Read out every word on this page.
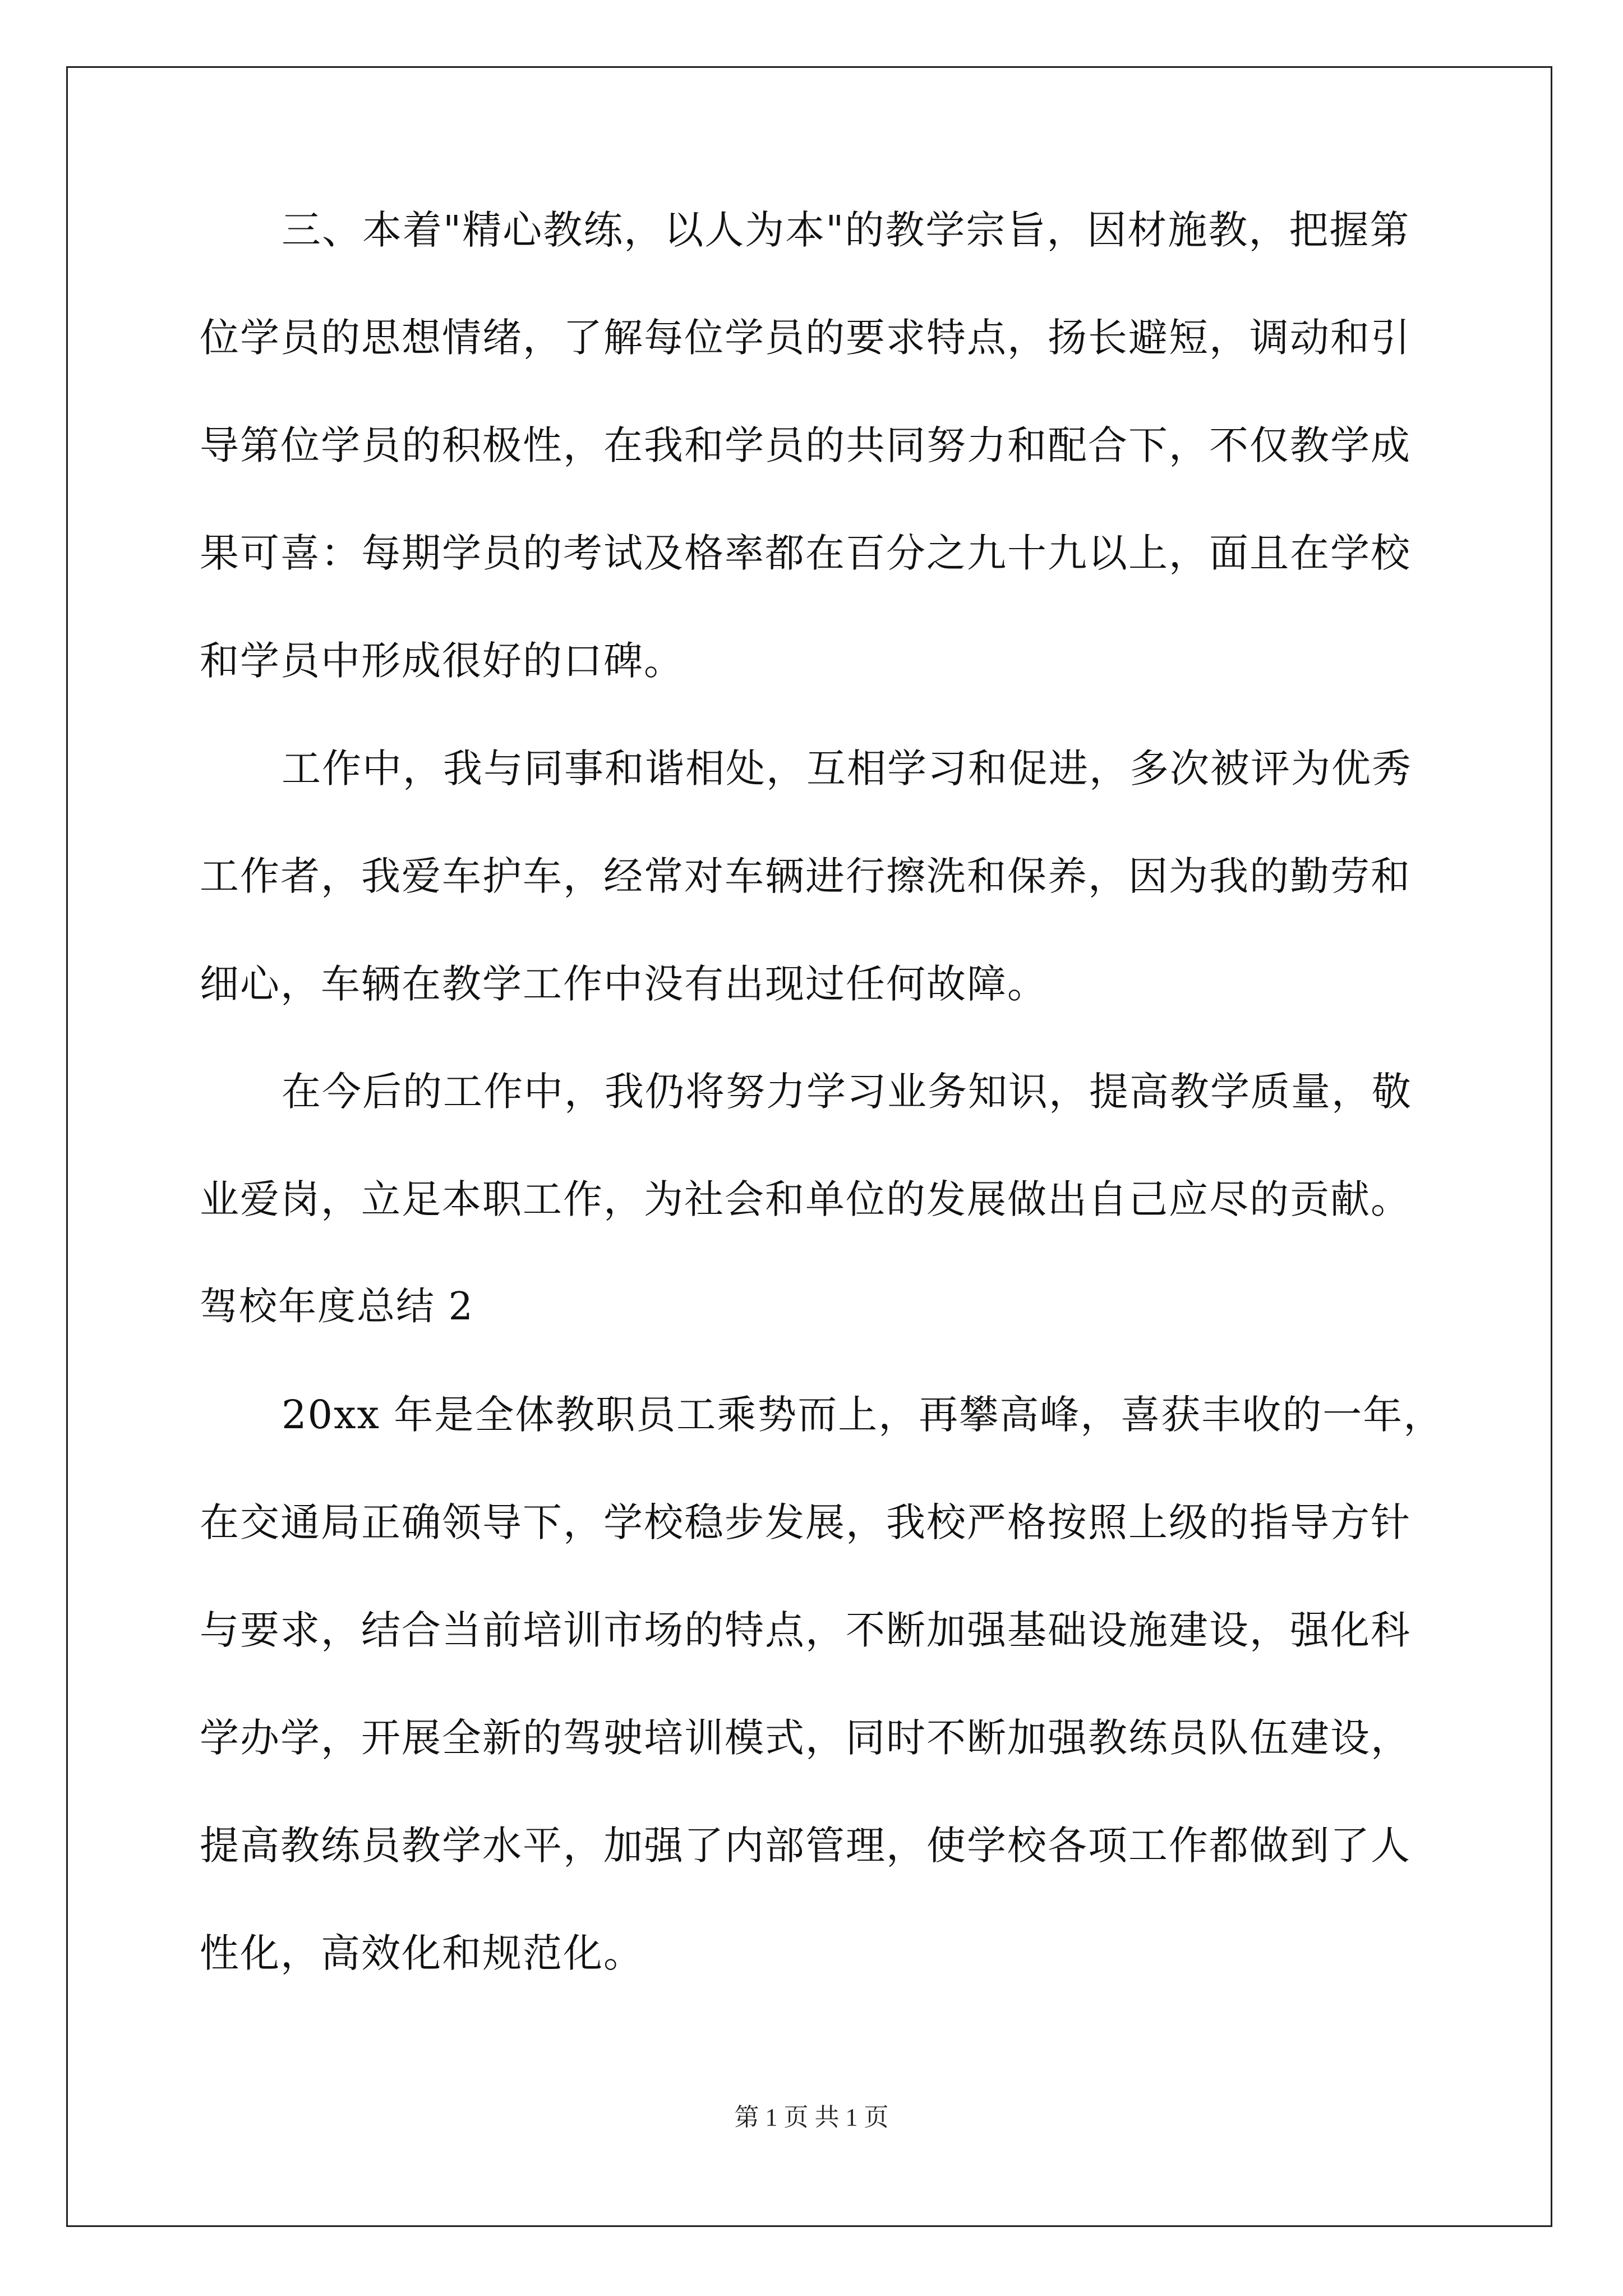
三、本着"精心教练，以人为本"的教学宗旨，因材施教，把握第
位学员的思想情绪，了解每位学员的要求特点，扬长避短，调动和引
导第位学员的积极性，在我和学员的共同努力和配合下，不仅教学成
果可喜：每期学员的考试及格率都在百分之九十九以上，面且在学校
和学员中形成很好的口碑。
工作中，我与同事和谐相处，互相学习和促进，多次被评为优秀
工作者，我爱车护车，经常对车辆进行擦洗和保养，因为我的勤劳和
细心，车辆在教学工作中没有出现过任何故障。
在今后的工作中，我仍将努力学习业务知识，提高教学质量，敬
业爱岗，立足本职工作，为社会和单位的发展做出自己应尽的贡献。
驾校年度总结 2
20xx 年是全体教职员工乘势而上，再攀高峰，喜获丰收的一年，
在交通局正确领导下，学校稳步发展，我校严格按照上级的指导方针
与要求，结合当前培训市场的特点，不断加强基础设施建设，强化科
学办学，开展全新的驾驶培训模式，同时不断加强教练员队伍建设，
提高教练员教学水平，加强了内部管理，使学校各项工作都做到了人
性化，高效化和规范化。
第 1 页 共 1 页
